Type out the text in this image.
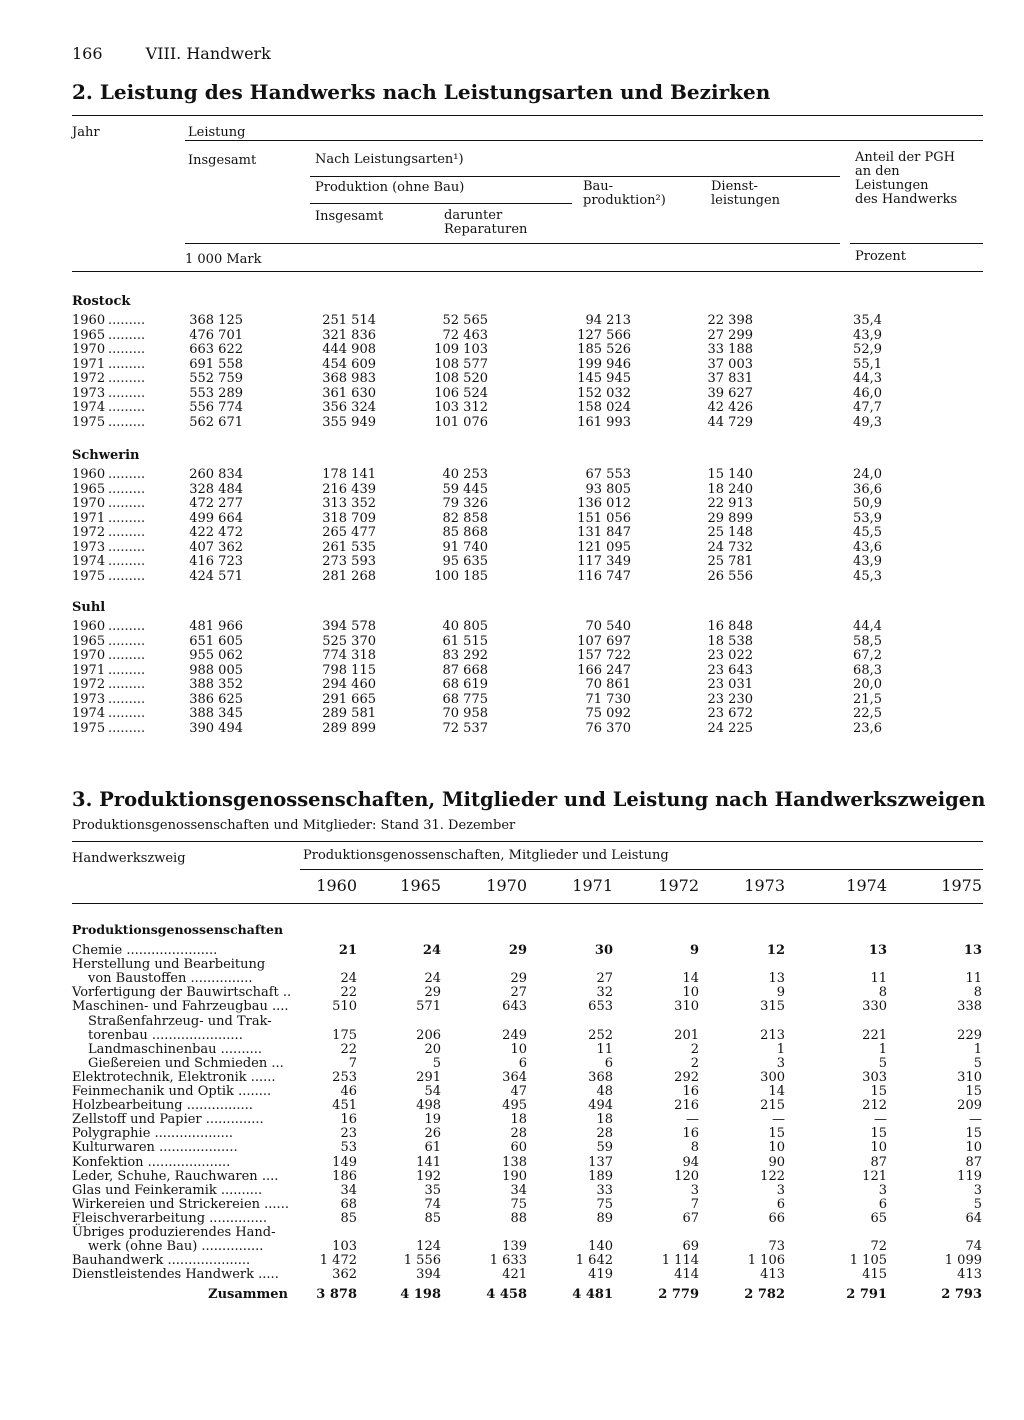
166	VIII. Handwerk
2. Leistung des Handwerks nach Leistungsarten und Bezirken
Jahr	Leistung
Insgesamt	Nach Leistungsarten¹)
Produktion (ohne Bau)
Insgesamt	darunter
Reparaturen
Bau-
produktion²)
Dienst-
leistungen
Anteil der PGH
an den
Leistungen
des Handwerks
1 000 Mark	Prozent
Rostock
1960 .........	368 125	251 514	52 565	94 213	22 398	35,4
1965 .........	476 701	321 836	72 463	127 566	27 299	43,9
1970 .........	663 622	444 908	109 103	185 526	33 188	52,9
1971 .........	691 558	454 609	108 577	199 946	37 003	55,1
1972 .........	552 759	368 983	108 520	145 945	37 831	44,3
1973 .........	553 289	361 630	106 524	152 032	39 627	46,0
1974 .........	556 774	356 324	103 312	158 024	42 426	47,7
1975 .........	562 671	355 949	101 076	161 993	44 729	49,3
Schwerin
1960 .........	260 834	178 141	40 253	67 553	15 140	24,0
1965 .........	328 484	216 439	59 445	93 805	18 240	36,6
1970 .........	472 277	313 352	79 326	136 012	22 913	50,9
1971 .........	499 664	318 709	82 858	151 056	29 899	53,9
1972 .........	422 472	265 477	85 868	131 847	25 148	45,5
1973 .........	407 362	261 535	91 740	121 095	24 732	43,6
1974 .........	416 723	273 593	95 635	117 349	25 781	43,9
1975 .........	424 571	281 268	100 185	116 747	26 556	45,3
Suhl
1960 .........	481 966	394 578	40 805	70 540	16 848	44,4
1965 .........	651 605	525 370	61 515	107 697	18 538	58,5
1970 .........	955 062	774 318	83 292	157 722	23 022	67,2
1971 .........	988 005	798 115	87 668	166 247	23 643	68,3
1972 .........	388 352	294 460	68 619	70 861	23 031	20,0
1973 .........	386 625	291 665	68 775	71 730	23 230	21,5
1974 .........	388 345	289 581	70 958	75 092	23 672	22,5
1975 .........	390 494	289 899	72 537	76 370	24 225	23,6
3. Produktionsgenossenschaften, Mitglieder und Leistung nach Handwerkszweigen
Produktionsgenossenschaften und Mitglieder: Stand 31. Dezember
Handwerkszweig	Produktionsgenossenschaften, Mitglieder und Leistung
1960	1965	1970	1971	1972	1973	1974	1975
Produktionsgenossenschaften
Chemie ......................	21	24	29	30	9	12	13	13
Herstellung und Bearbeitung
von Baustoffen ...............	24	24	29	27	14	13	11	11
Vorfertigung der Bauwirtschaft ..	22	29	27	32	10	9	8	8
Maschinen- und Fahrzeugbau ....	510	571	643	653	310	315	330	338
Straßenfahrzeug- und Trak-
torenbau ......................	175	206	249	252	201	213	221	229
Landmaschinenbau ..........	22	20	10	11	2	1	1	1
Gießereien und Schmieden ...	7	5	6	6	2	3	5	5
Elektrotechnik, Elektronik ......	253	291	364	368	292	300	303	310
Feinmechanik und Optik ........	46	54	47	48	16	14	15	15
Holzbearbeitung ................	451	498	495	494	216	215	212	209
Zellstoff und Papier ..............	16	19	18	18	—	—	—	—
Polygraphie ...................	23	26	28	28	16	15	15	15
Kulturwaren ...................	53	61	60	59	8	10	10	10
Konfektion ....................	149	141	138	137	94	90	87	87
Leder, Schuhe, Rauchwaren ....	186	192	190	189	120	122	121	119
Glas und Feinkeramik ..........	34	35	34	33	3	3	3	3
Wirkereien und Strickereien ......	68	74	75	75	7	6	6	5
Fleischverarbeitung ..............	85	85	88	89	67	66	65	64
Übriges produzierendes Hand-
werk (ohne Bau) ...............	103	124	139	140	69	73	72	74
Bauhandwerk ....................	1 472	1 556	1 633	1 642	1 114	1 106	1 105	1 099
Dienstleistendes Handwerk .....	362	394	421	419	414	413	415	413
Zusammen 3 878	4 198	4 458	4 481	2 779	2 782	2 791	2 793
